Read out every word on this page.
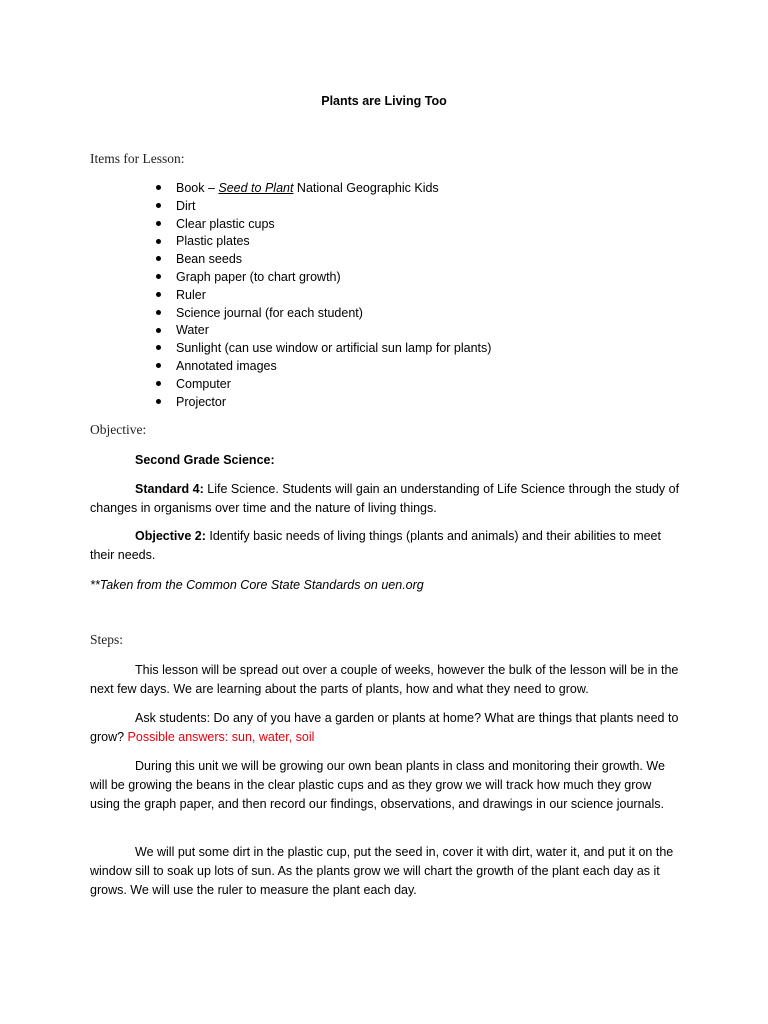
Plants are Living Too
Items for Lesson:
Book – Seed to Plant National Geographic Kids
Dirt
Clear plastic cups
Plastic plates
Bean seeds
Graph paper (to chart growth)
Ruler
Science journal (for each student)
Water
Sunlight (can use window or artificial sun lamp for plants)
Annotated images
Computer
Projector
Objective:

Second Grade Science:

Standard 4: Life Science. Students will gain an understanding of Life Science through the study of changes in organisms over time and the nature of living things.

Objective 2: Identify basic needs of living things (plants and animals) and their abilities to meet their needs.

**Taken from the Common Core State Standards on uen.org

Steps:

This lesson will be spread out over a couple of weeks, however the bulk of the lesson will be in the next few days. We are learning about the parts of plants, how and what they need to grow.

Ask students: Do any of you have a garden or plants at home? What are things that plants need to grow? Possible answers: sun, water, soil

During this unit we will be growing our own bean plants in class and monitoring their growth. We will be growing the beans in the clear plastic cups and as they grow we will track how much they grow using the graph paper, and then record our findings, observations, and drawings in our science journals.

We will put some dirt in the plastic cup, put the seed in, cover it with dirt, water it, and put it on the window sill to soak up lots of sun. As the plants grow we will chart the growth of the plant each day as it grows. We will use the ruler to measure the plant each day.
